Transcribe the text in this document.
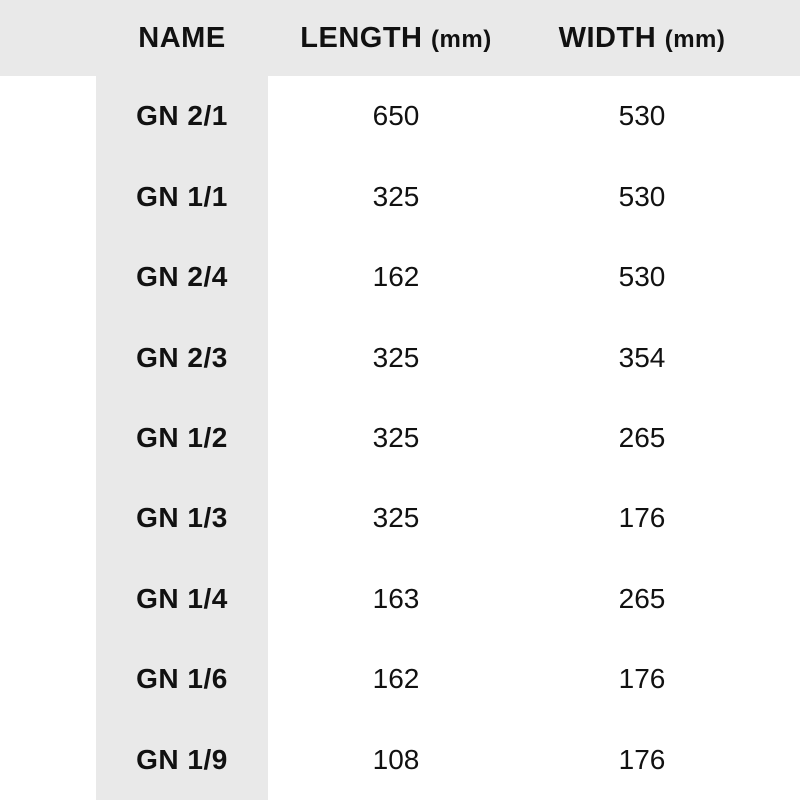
	NAME	LENGTH (mm)	WIDTH (mm)	
	GN 2/1	650	530	
	GN 1/1	325	530	
	GN 2/4	162	530	
	GN 2/3	325	354	
	GN 1/2	325	265	
	GN 1/3	325	176	
	GN 1/4	163	265	
	GN 1/6	162	176	
	GN 1/9	108	176	
